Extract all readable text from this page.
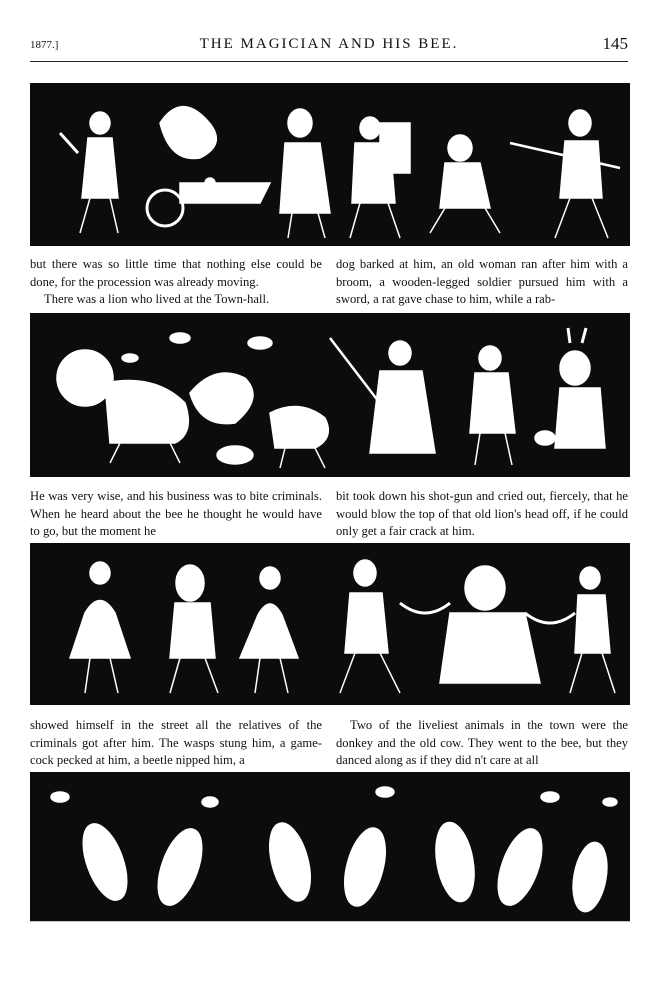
1877.]	THE MAGICIAN AND HIS BEE.	145

but there was so little time that nothing else could be done, for the procession was already moving.

There was a lion who lived at the Town-hall.

dog barked at him, an old woman ran after him with a broom, a wooden-legged soldier pursued him with a sword, a rat gave chase to him, while a rab-

He was very wise, and his business was to bite criminals. When he heard about the bee he thought he would have to go, but the moment he

bit took down his shot-gun and cried out, fiercely, that he would blow the top of that old lion's head off, if he could only get a fair crack at him.

showed himself in the street all the relatives of the criminals got after him. The wasps stung him, a game-cock pecked at him, a beetle nipped him, a

Two of the liveliest animals in the town were the donkey and the old cow. They went to the bee, but they danced along as if they did n't care at all
